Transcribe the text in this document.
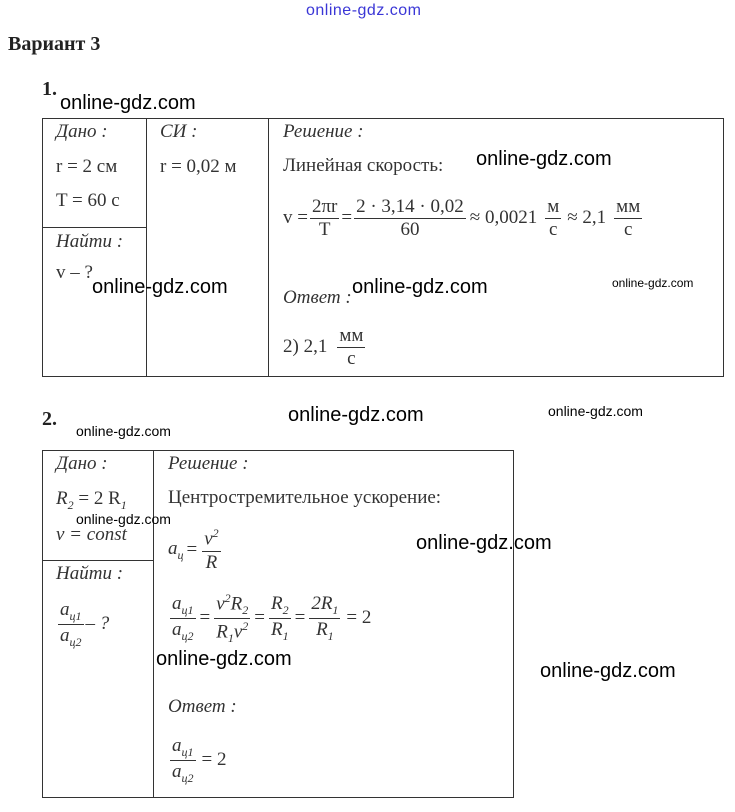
online-gdz.com
Вариант 3
1.
Дано :
r = 2 см
T = 60 с
Найти :
v – ?
СИ :
r = 0,02 м
Решение :
Линейная скорость:
$v = \frac{2\pi r}{T} = \frac{2 \cdot 3,14 \cdot 0,02}{60} \approx 0,0021 \frac{м}{с} \approx 2,1 \frac{мм}{с}$
Ответ :
2) $2,1 \frac{мм}{с}$
2.
Дано :
$R_2 = 2$ $R_1$
v = const
Найти :
$\frac{a_{ц1}}{a_{ц2}}$ – ?
Решение :
Центростремительное ускорение:
$a_ц = \frac{v^2}{R}$
$\frac{a_{ц1}}{a_{ц2}} = \frac{v^2R_2}{R_1v^2} = \frac{R_2}{R_1} = \frac{2R_1}{R_1} = 2$
Ответ :
$\frac{a_{ц1}}{a_{ц2}} = 2$
online-gdz.com
online-gdz.com
online-gdz.com	online-gdz.com	online-gdz.com
online-gdz.com	online-gdz.com
online-gdz.com
online-gdz.com
online-gdz.com
online-gdz.com
online-gdz.com
